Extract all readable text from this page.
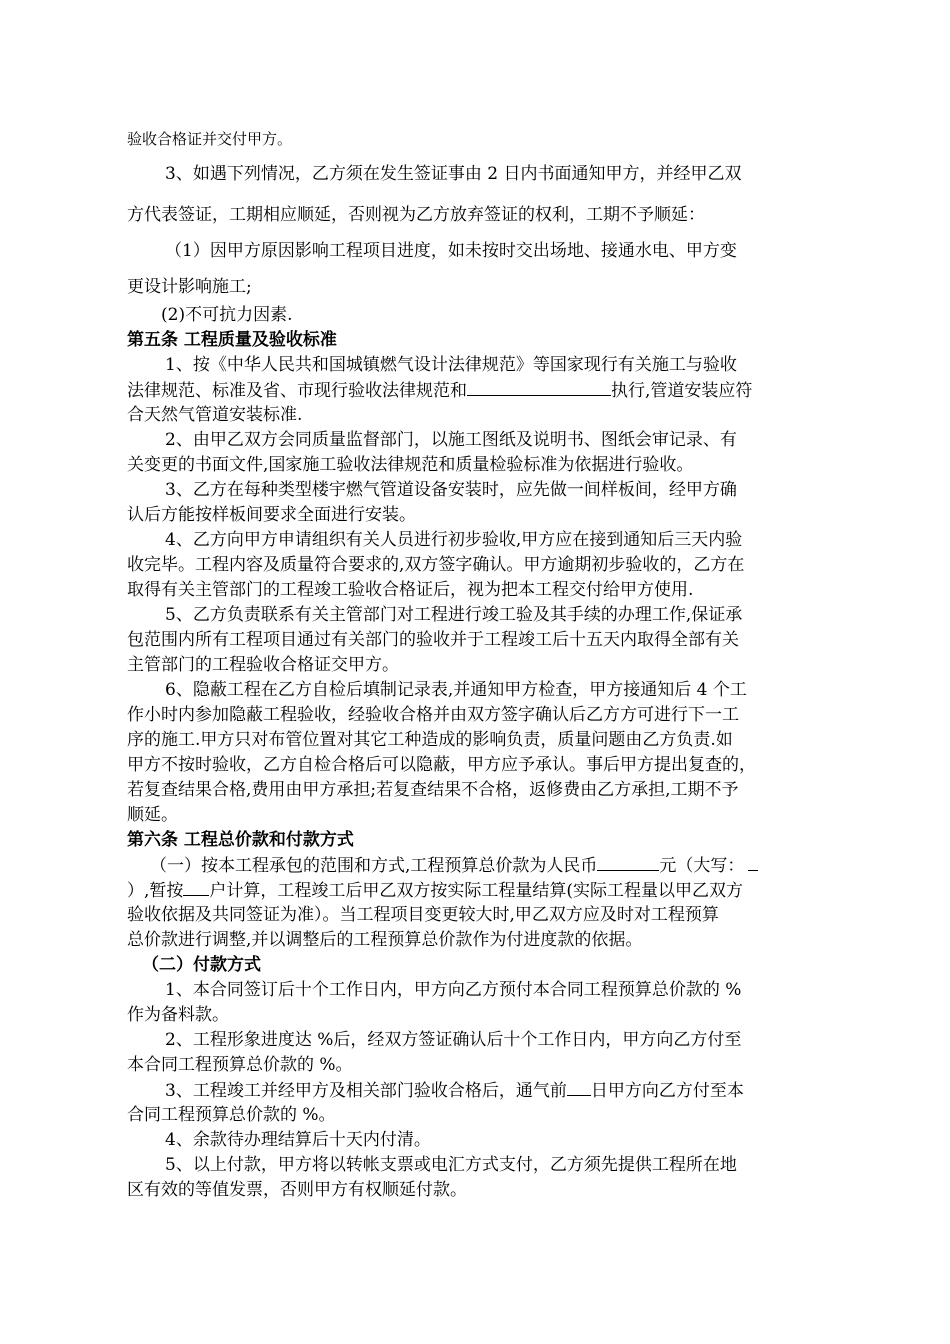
验收合格证并交付甲方。
3、如遇下列情况，乙方须在发生签证事由 2 日内书面通知甲方，并经甲乙双
方代表签证，工期相应顺延，否则视为乙方放弃签证的权利，工期不予顺延：
（1）因甲方原因影响工程项目进度，如未按时交出场地、接通水电、甲方变
更设计影响施工;
(2)不可抗力因素.
第五条 工程质量及验收标准
1、按《中华人民共和国城镇燃气设计法律规范》等国家现行有关施工与验收
法律规范、标准及省、市现行验收法律规范和	执行,管道安装应符
合天然气管道安装标准.
2、由甲乙双方会同质量监督部门，以施工图纸及说明书、图纸会审记录、有
关变更的书面文件,国家施工验收法律规范和质量检验标准为依据进行验收。
3、乙方在每种类型楼宇燃气管道设备安装时，应先做一间样板间，经甲方确
认后方能按样板间要求全面进行安装。
4、乙方向甲方申请组织有关人员进行初步验收,甲方应在接到通知后三天内验
收完毕。工程内容及质量符合要求的,双方签字确认。甲方逾期初步验收的，乙方在
取得有关主管部门的工程竣工验收合格证后，视为把本工程交付给甲方使用.
5、乙方负责联系有关主管部门对工程进行竣工验及其手续的办理工作,保证承
包范围内所有工程项目通过有关部门的验收并于工程竣工后十五天内取得全部有关
主管部门的工程验收合格证交甲方。
6、隐蔽工程在乙方自检后填制记录表,并通知甲方检查，甲方接通知后 4 个工
作小时内参加隐蔽工程验收，经验收合格并由双方签字确认后乙方方可进行下一工
序的施工.甲方只对布管位置对其它工种造成的影响负责，质量问题由乙方负责.如
甲方不按时验收，乙方自检合格后可以隐蔽，甲方应予承认。事后甲方提出复查的，
若复查结果合格,费用由甲方承担;若复查结果不合格，返修费由乙方承担,工期不予
顺延。
第六条 工程总价款和付款方式
（一）按本工程承包的范围和方式,工程预算总价款为人民币	元（大写：
）,暂按 户计算，工程竣工后甲乙双方按实际工程量结算(实际工程量以甲乙双方
验收依据及共同签证为准）。当工程项目变更较大时,甲乙双方应及时对工程预算
总价款进行调整,并以调整后的工程预算总价款作为付进度款的依据。
（二）付款方式
1、本合同签订后十个工作日内，甲方向乙方预付本合同工程预算总价款的 %
作为备料款。
2、工程形象进度达 %后，经双方签证确认后十个工作日内，甲方向乙方付至
本合同工程预算总价款的 %。
3、工程竣工并经甲方及相关部门验收合格后，通气前 日甲方向乙方付至本
合同工程预算总价款的 %。
4、余款待办理结算后十天内付清。
5、以上付款，甲方将以转帐支票或电汇方式支付，乙方须先提供工程所在地
区有效的等值发票，否则甲方有权顺延付款。
